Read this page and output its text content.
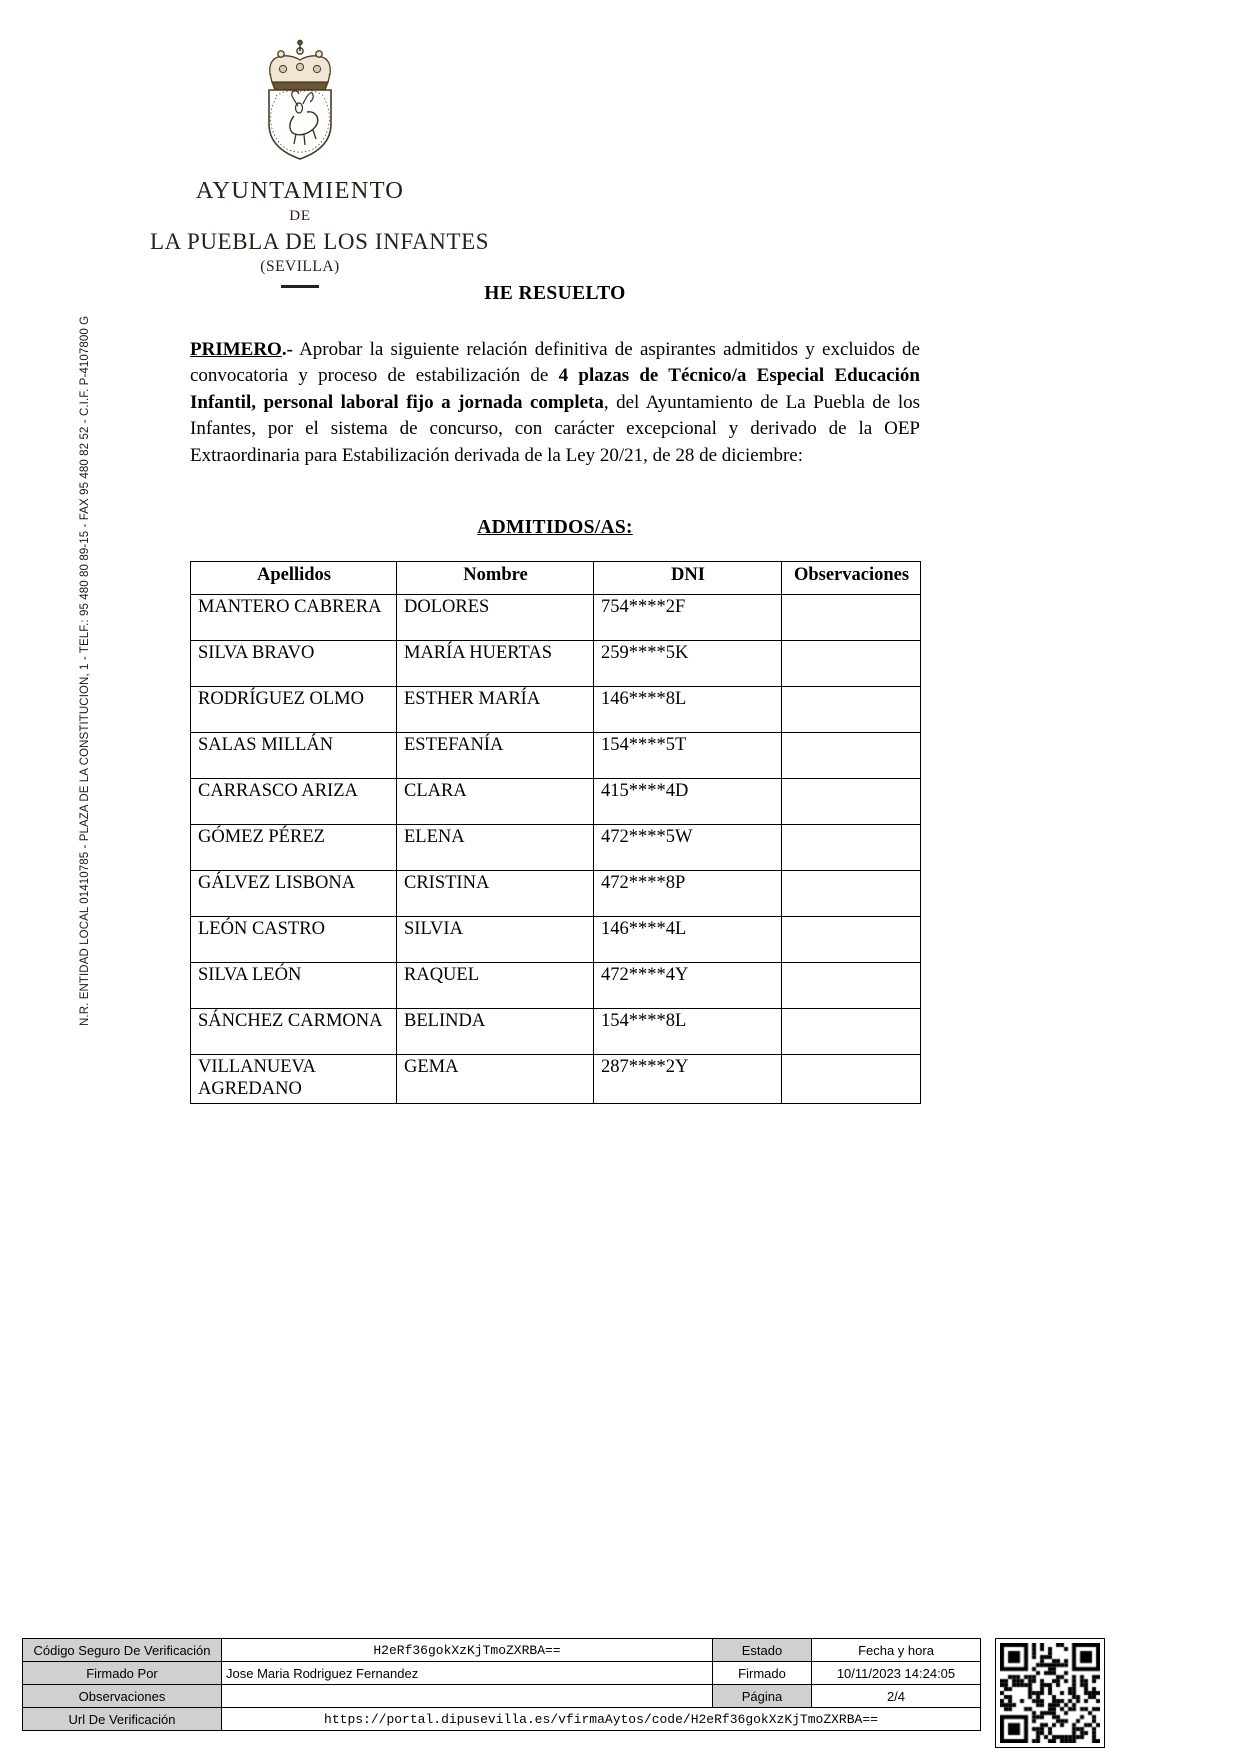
AYUNTAMIENTO
DE
LA PUEBLA DE LOS INFANTES
(SEVILLA)
N.R. ENTIDAD LOCAL 01410785 - PLAZA DE LA CONSTITUCION, 1 - TELF.: 95 480 80 89-15 - FAX 95 480 82 52 - C.I.F. P-4107800 G
HE RESUELTO

PRIMERO.- Aprobar la siguiente relación definitiva de aspirantes admitidos y excluidos de convocatoria y proceso de estabilización de 4 plazas de Técnico/a Especial Educación Infantil, personal laboral fijo a jornada completa, del Ayuntamiento de La Puebla de los Infantes, por el sistema de concurso, con carácter excepcional y derivado de la OEP Extraordinaria para Estabilización derivada de la Ley 20/21, de 28 de diciembre:

ADMITIDOS/AS:
Apellidos	Nombre	DNI	Observaciones
MANTERO CABRERA	DOLORES	754****2F	
SILVA BRAVO	MARÍA HUERTAS	259****5K	
RODRÍGUEZ OLMO	ESTHER MARÍA	146****8L	
SALAS MILLÁN	ESTEFANÍA	154****5T	
CARRASCO ARIZA	CLARA	415****4D	
GÓMEZ PÉREZ	ELENA	472****5W	
GÁLVEZ LISBONA	CRISTINA	472****8P	
LEÓN CASTRO	SILVIA	146****4L	
SILVA LEÓN	RAQUEL	472****4Y	
SÁNCHEZ CARMONA	BELINDA	154****8L	
VILLANUEVA AGREDANO	GEMA	287****2Y	
Código Seguro De Verificación	H2eRf36gokXzKjTmoZXRBA==	Estado	Fecha y hora
Firmado Por	Jose Maria Rodriguez Fernandez	Firmado	10/11/2023 14:24:05
Observaciones		Página	2/4
Url De Verificación	https://portal.dipusevilla.es/vfirmaAytos/code/H2eRf36gokXzKjTmoZXRBA==		
